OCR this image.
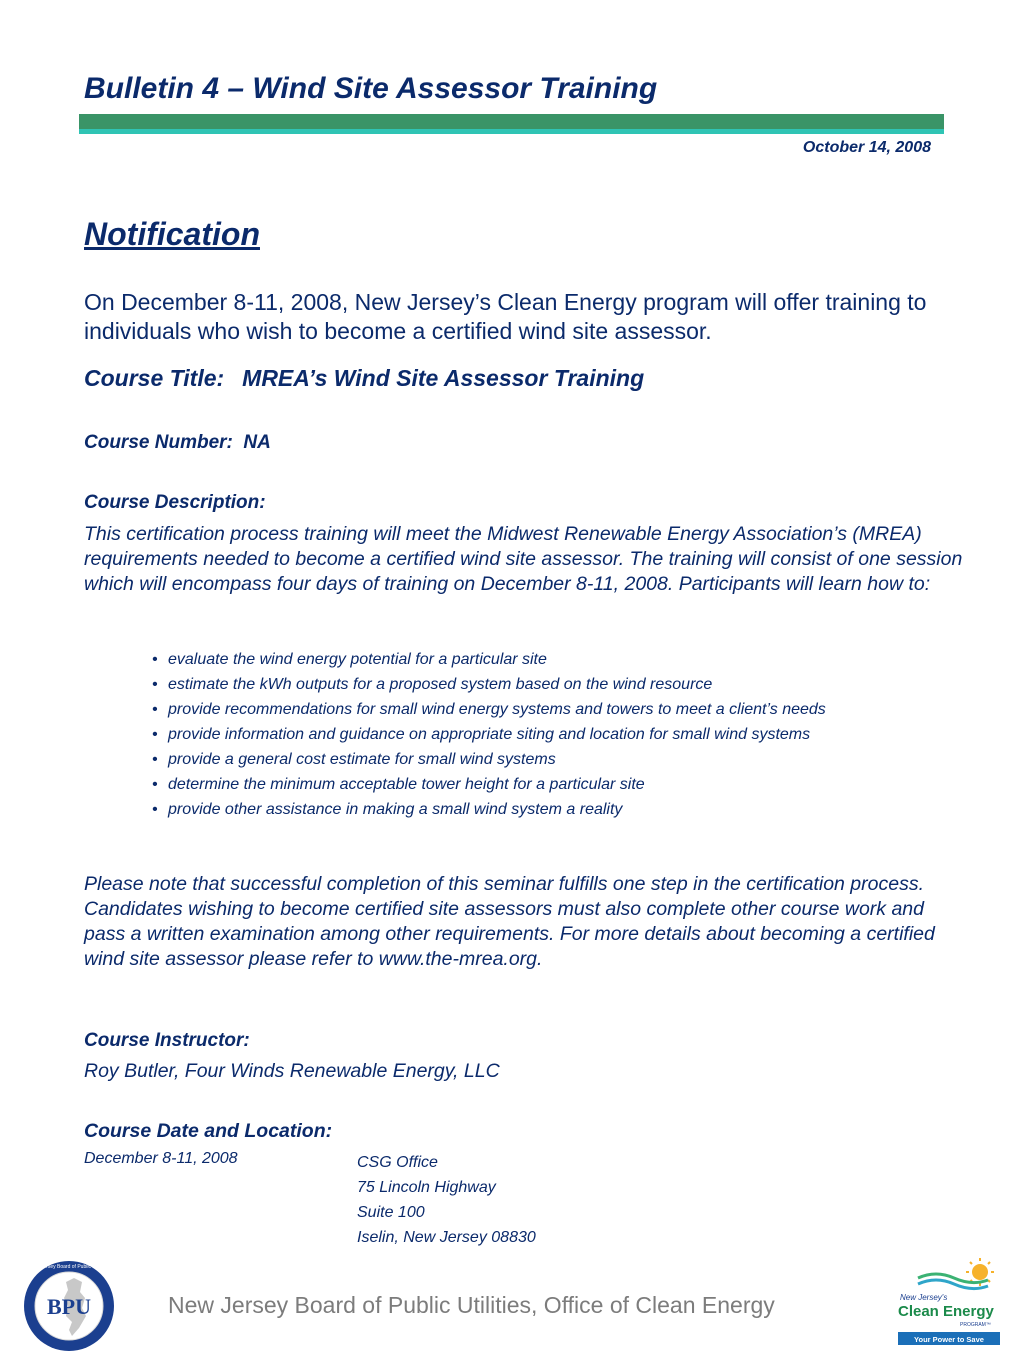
Bulletin 4 – Wind Site Assessor Training
October 14, 2008
Notification
On December 8-11, 2008, New Jersey’s Clean Energy program will offer training to individuals who wish to become a certified wind site assessor.
Course Title: MREA’s Wind Site Assessor Training
Course Number: NA
Course Description:
This certification process training will meet the Midwest Renewable Energy Association’s (MREA) requirements needed to become a certified wind site assessor. The training will consist of one session which will encompass four days of training on December 8-11, 2008. Participants will learn how to:
• evaluate the wind energy potential for a particular site
• estimate the kWh outputs for a proposed system based on the wind resource
• provide recommendations for small wind energy systems and towers to meet a client’s needs
• provide information and guidance on appropriate siting and location for small wind systems
• provide a general cost estimate for small wind systems
• determine the minimum acceptable tower height for a particular site
• provide other assistance in making a small wind system a reality
Please note that successful completion of this seminar fulfills one step in the certification process. Candidates wishing to become certified site assessors must also complete other course work and pass a written examination among other requirements. For more details about becoming a certified wind site assessor please refer to www.the-mrea.org.
Course Instructor:
Roy Butler, Four Winds Renewable Energy, LLC
Course Date and Location:
December 8-11, 2008	CSG Office
75 Lincoln Highway
Suite 100
Iselin, New Jersey 08830
BPU
New Jersey Board of Public Utilities
New Jersey Board of Public Utilities, Office of Clean Energy	New Jersey's
Clean Energy
PROGRAM™
Your Power to Save
